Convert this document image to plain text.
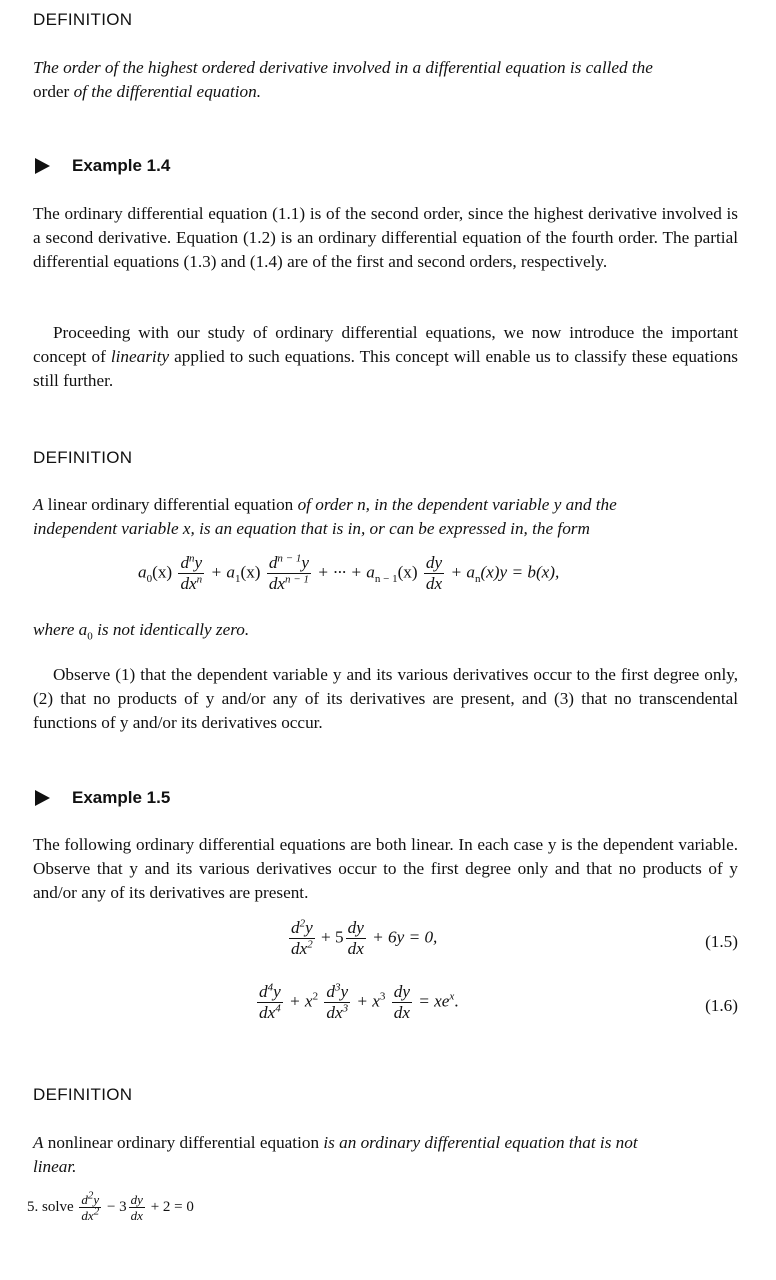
DEFINITION
The order of the highest ordered derivative involved in a differential equation is called the
order of the differential equation.
Example 1.4
The ordinary differential equation (1.1) is of the second order, since the highest derivative involved is a second derivative. Equation (1.2) is an ordinary differential equation of the fourth order. The partial differential equations (1.3) and (1.4) are of the first and second orders, respectively.
Proceeding with our study of ordinary differential equations, we now introduce the important concept of linearity applied to such equations. This concept will enable us to classify these equations still further.
DEFINITION
A linear ordinary differential equation of order n, in the dependent variable y and the
independent variable x, is an equation that is in, or can be expressed in, the form
$a_0(x) \frac{d^ny}{dx^n} + a_1(x) \frac{d^{n - 1}y}{dx^{n - 1}}$ + ··· + $a_{n - 1}(x) \frac{dy}{dx} + a_n(x)y = b(x)$,
where $a_0$ is not identically zero.
Observe (1) that the dependent variable y and its various derivatives occur to the first degree only, (2) that no products of y and/or any of its derivatives are present, and (3) that no transcendental functions of y and/or its derivatives occur.
Example 1.5
The following ordinary differential equations are both linear. In each case y is the dependent variable. Observe that y and its various derivatives occur to the first degree only and that no products of y and/or any of its derivatives are present.
$\frac{d^2y}{dx^2} + 5 \frac{dy}{dx} + 6y = 0$,	(1.5)
$\frac{d^4y}{dx^4} + x^2 \frac{d^3y}{dx^3} + x^3 \frac{dy}{dx} = xe^x$.	(1.6)
DEFINITION
A nonlinear ordinary differential equation is an ordinary differential equation that is not
linear.
5. solve $\frac{d^2y}{dx^2} - 3 \frac{dy}{dx} + 2 = 0$
